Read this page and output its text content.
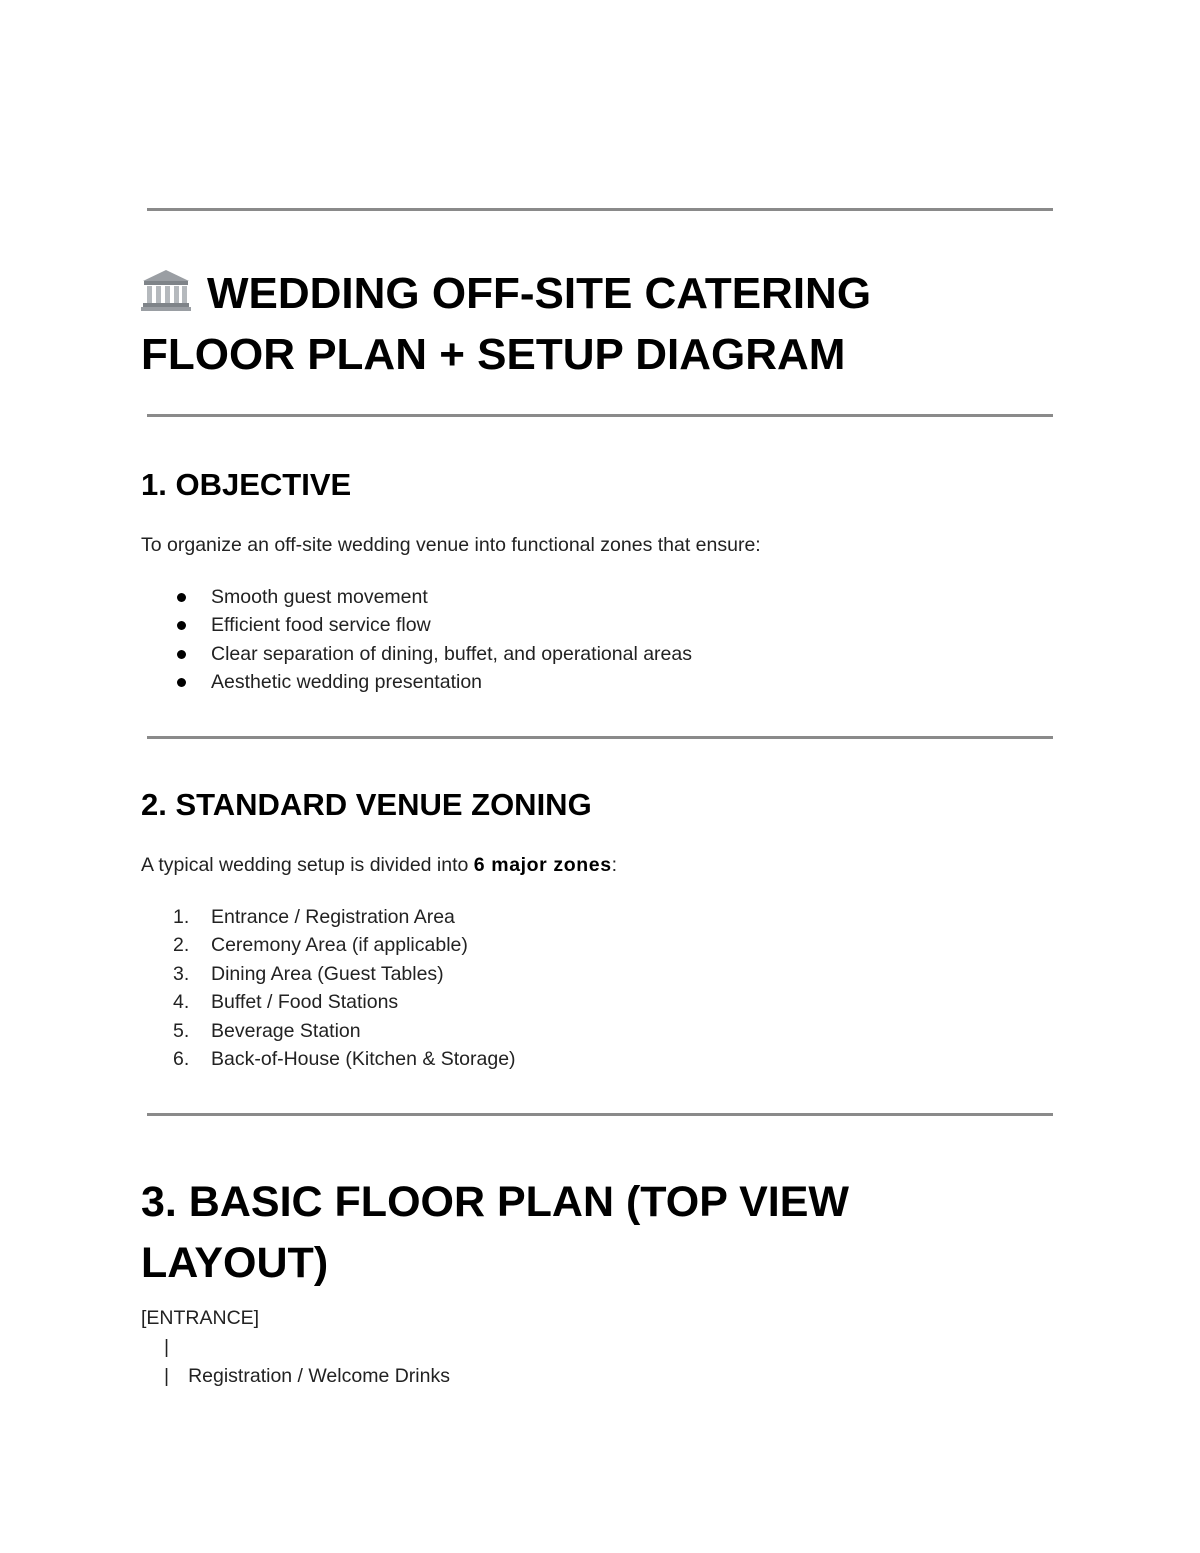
WEDDING OFF-SITE CATERING
FLOOR PLAN + SETUP DIAGRAM
1. OBJECTIVE
To organize an off-site wedding venue into functional zones that ensure:
Smooth guest movement
Efficient food service flow
Clear separation of dining, buffet, and operational areas
Aesthetic wedding presentation
2. STANDARD VENUE ZONING
A typical wedding setup is divided into 6 major zones:
1.	Entrance / Registration Area
2.	Ceremony Area (if applicable)
3.	Dining Area (Guest Tables)
4.	Buffet / Food Stations
5.	Beverage Station
6.	Back-of-House (Kitchen & Storage)
3. BASIC FLOOR PLAN (TOP VIEW
LAYOUT)
[ENTRANCE]
|
| Registration / Welcome Drinks
